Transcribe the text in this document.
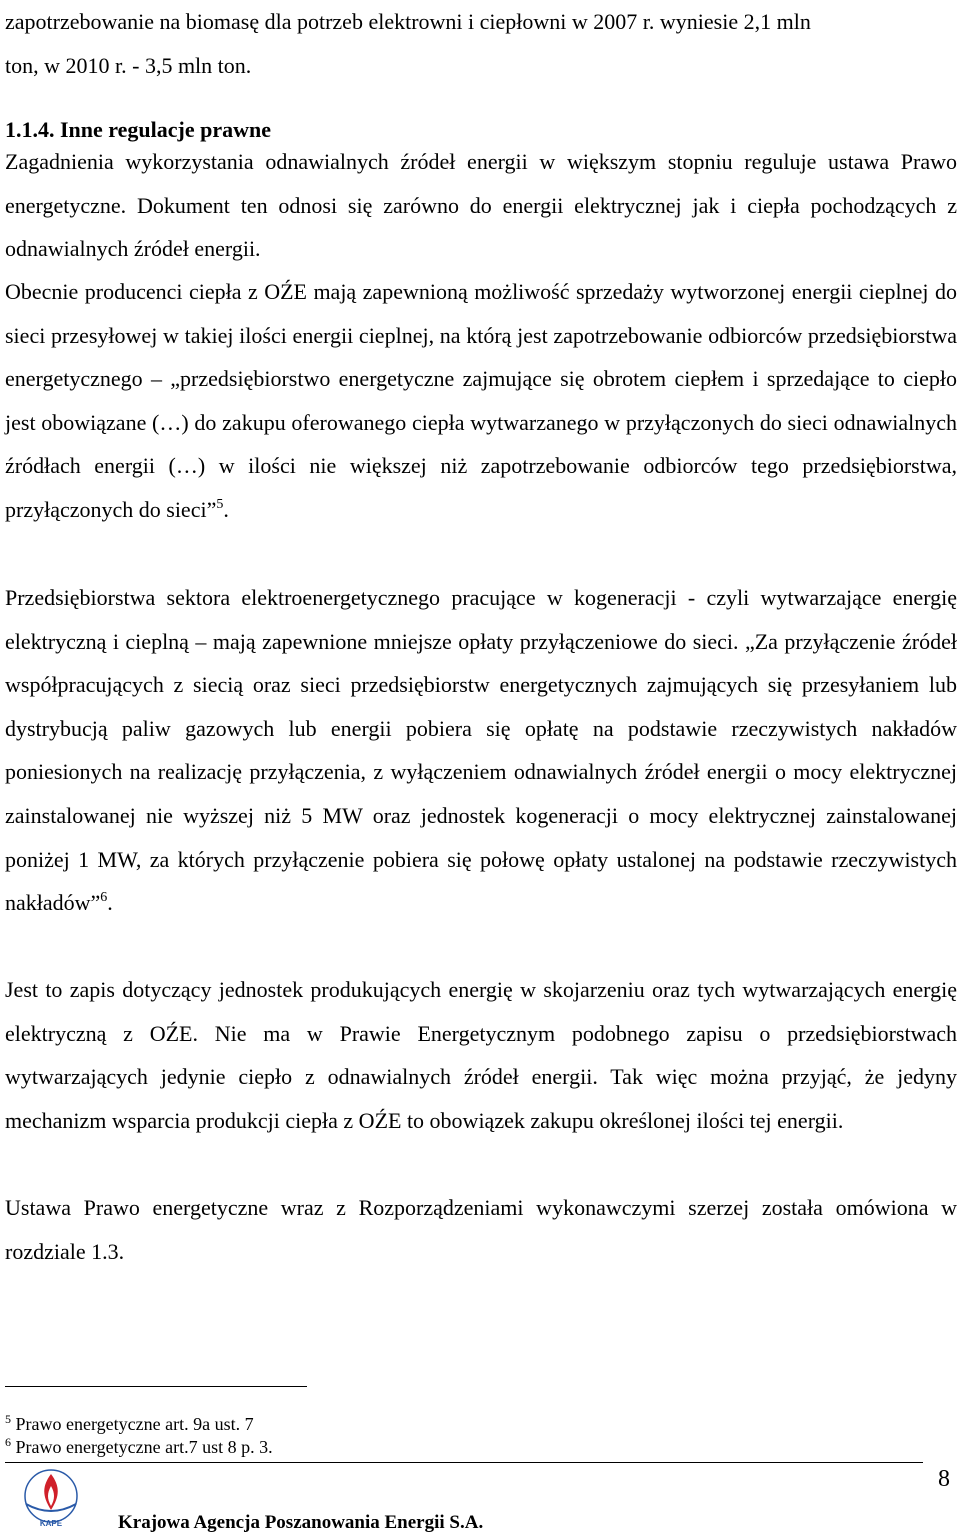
zapotrzebowanie na biomasę dla potrzeb elektrowni i ciepłowni w 2007 r. wyniesie 2,1 mln

ton, w 2010 r. - 3,5 mln ton.

1.1.4. Inne regulacje prawne

Zagadnienia wykorzystania odnawialnych źródeł energii w większym stopniu reguluje ustawa Prawo energetyczne. Dokument ten odnosi się zarówno do energii elektrycznej jak i ciepła pochodzących z odnawialnych źródeł energii.

Obecnie producenci ciepła z OŹE mają zapewnioną możliwość sprzedaży wytworzonej energii cieplnej do sieci przesyłowej w takiej ilości energii cieplnej, na którą jest zapotrzebowanie odbiorców przedsiębiorstwa energetycznego – „przedsiębiorstwo energetyczne zajmujące się obrotem ciepłem i sprzedające to ciepło jest obowiązane (…) do zakupu oferowanego ciepła wytwarzanego w przyłączonych do sieci odnawialnych źródłach energii (…) w ilości nie większej niż zapotrzebowanie odbiorców tego przedsiębiorstwa, przyłączonych do sieci”$^5$.

Przedsiębiorstwa sektora elektroenergetycznego pracujące w kogeneracji - czyli wytwarzające energię elektryczną i cieplną – mają zapewnione mniejsze opłaty przyłączeniowe do sieci. „Za przyłączenie źródeł współpracujących z siecią oraz sieci przedsiębiorstw energetycznych zajmujących się przesyłaniem lub dystrybucją paliw gazowych lub energii pobiera się opłatę na podstawie rzeczywistych nakładów poniesionych na realizację przyłączenia, z wyłączeniem odnawialnych źródeł energii o mocy elektrycznej zainstalowanej nie wyższej niż 5 MW oraz jednostek kogeneracji o mocy elektrycznej zainstalowanej poniżej 1 MW, za których przyłączenie pobiera się połowę opłaty ustalonej na podstawie rzeczywistych nakładów”$^6$.

Jest to zapis dotyczący jednostek produkujących energię w skojarzeniu oraz tych wytwarzających energię elektryczną z OŹE. Nie ma w Prawie Energetycznym podobnego zapisu o przedsiębiorstwach wytwarzających jedynie ciepło z odnawialnych źródeł energii. Tak więc można przyjąć, że jedyny mechanizm wsparcia produkcji ciepła z OŹE to obowiązek zakupu określonej ilości tej energii.

Ustawa Prawo energetyczne wraz z Rozporządzeniami wykonawczymi szerzej została omówiona w rozdziale 1.3.

$^5$ Prawo energetyczne art. 9a ust. 7

$^6$ Prawo energetyczne art.7 ust 8 p. 3.

KAPE
8
Krajowa Agencja Poszanowania Energii S.A.
